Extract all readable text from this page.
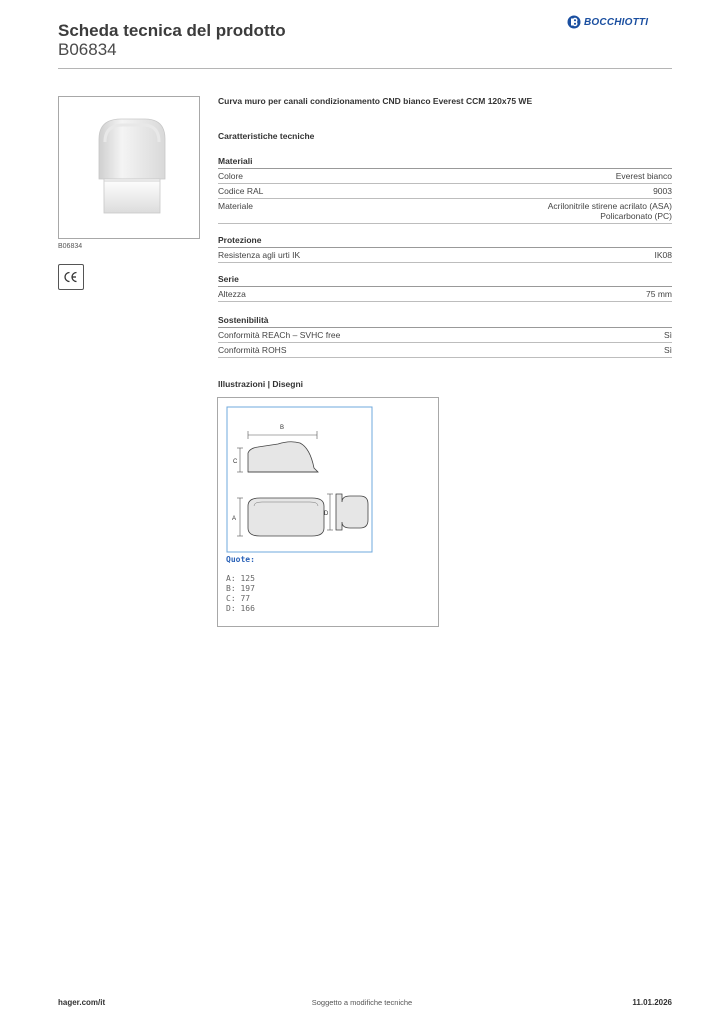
Scheda tecnica del prodotto
B06834
BOCCHIOTTI
B06834
Curva muro per canali condizionamento CND bianco Everest CCM 120x75 WE
Caratteristiche tecniche
Materiali
Colore	Everest bianco
Codice RAL	9003
Materiale	Acrilonitrile stirene acrilato (ASA)
Policarbonato (PC)
Protezione
Resistenza agli urti IK	IK08
Serie
Altezza	75 mm
Sostenibilità
Conformità REACh – SVHC free	Sì
Conformità ROHS	Sì
Illustrazioni | Disegni
B
C
A
D
Quote:
A: 125
B: 197
C: 77
D: 166
Soggetto a modifiche tecniche
hager.com/it	11.01.2026
